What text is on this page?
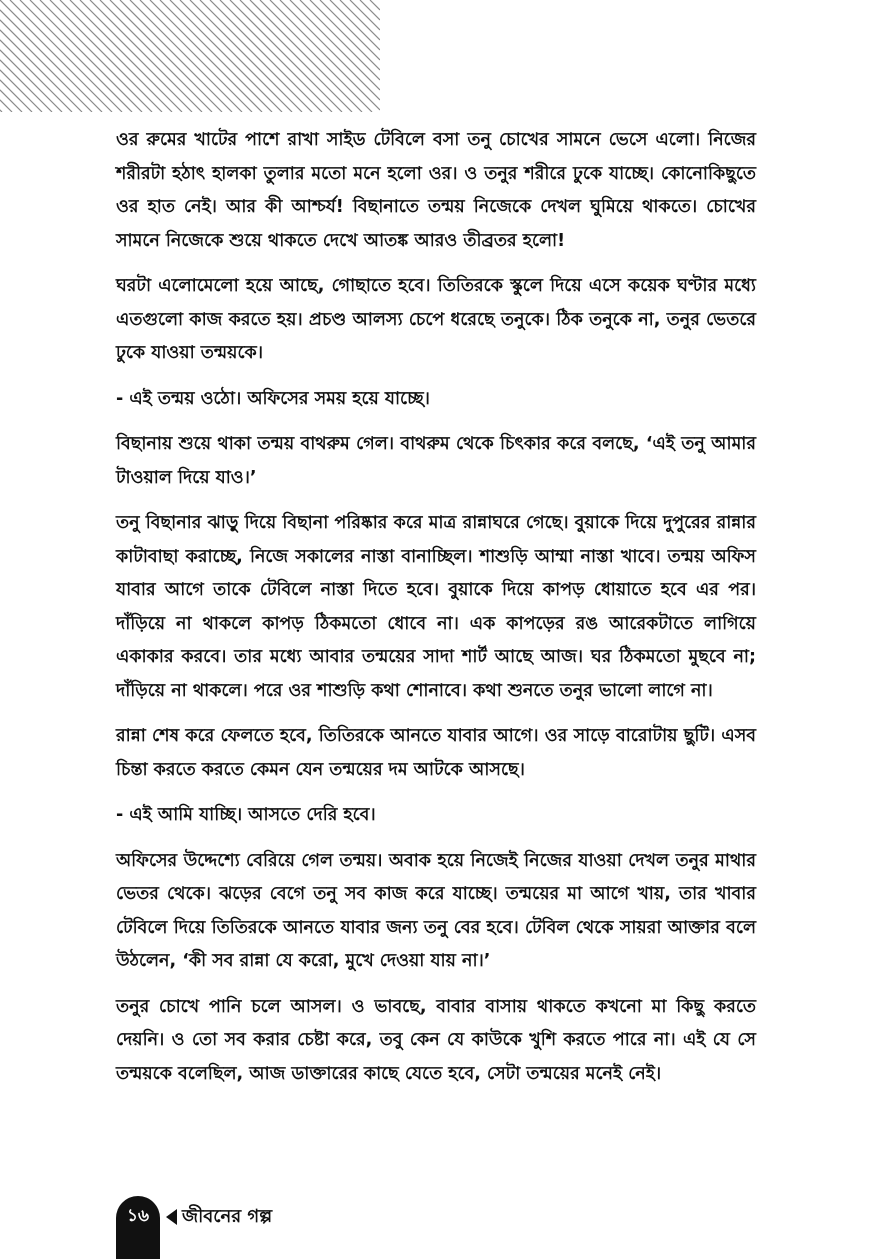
ওর রুমের খাটের পাশে রাখা সাইড টেবিলে বসা তনু চোখের সামনে ভেসে এলো। নিজের শরীরটা হঠাৎ হালকা তুলার মতো মনে হলো ওর। ও তনুর শরীরে ঢুকে যাচ্ছে। কোনোকিছুতে ওর হাত নেই। আর কী আশ্চর্য! বিছানাতে তন্ময় নিজেকে দেখল ঘুমিয়ে থাকতে। চোখের সামনে নিজেকে শুয়ে থাকতে দেখে আতঙ্ক আরও তীব্রতর হলো!

ঘরটা এলোমেলো হয়ে আছে, গোছাতে হবে। তিতিরকে স্কুলে দিয়ে এসে কয়েক ঘণ্টার মধ্যে এতগুলো কাজ করতে হয়। প্রচণ্ড আলস্য চেপে ধরেছে তনুকে। ঠিক তনুকে না, তনুর ভেতরে ঢুকে যাওয়া তন্ময়কে।

- এই তন্ময় ওঠো। অফিসের সময় হয়ে যাচ্ছে।

বিছানায় শুয়ে থাকা তন্ময় বাথরুম গেল। বাথরুম থেকে চিৎকার করে বলছে, ‘এই তনু আমার টাওয়াল দিয়ে যাও।’

তনু বিছানার ঝাড়ু দিয়ে বিছানা পরিষ্কার করে মাত্র রান্নাঘরে গেছে। বুয়াকে দিয়ে দুপুরের রান্নার কাটাবাছা করাচ্ছে, নিজে সকালের নাস্তা বানাচ্ছিল। শাশুড়ি আম্মা নাস্তা খাবে। তন্ময় অফিস যাবার আগে তাকে টেবিলে নাস্তা দিতে হবে। বুয়াকে দিয়ে কাপড় ধোয়াতে হবে এর পর। দাঁড়িয়ে না থাকলে কাপড় ঠিকমতো ধোবে না। এক কাপড়ের রঙ আরেকটাতে লাগিয়ে একাকার করবে। তার মধ্যে আবার তন্ময়ের সাদা শার্ট আছে আজ। ঘর ঠিকমতো মুছবে না; দাঁড়িয়ে না থাকলে। পরে ওর শাশুড়ি কথা শোনাবে। কথা শুনতে তনুর ভালো লাগে না।

রান্না শেষ করে ফেলতে হবে, তিতিরকে আনতে যাবার আগে। ওর সাড়ে বারোটায় ছুটি। এসব চিন্তা করতে করতে কেমন যেন তন্ময়ের দম আটকে আসছে।

- এই আমি যাচ্ছি। আসতে দেরি হবে।

অফিসের উদ্দেশ্যে বেরিয়ে গেল তন্ময়। অবাক হয়ে নিজেই নিজের যাওয়া দেখল তনুর মাথার ভেতর থেকে। ঝড়ের বেগে তনু সব কাজ করে যাচ্ছে। তন্ময়ের মা আগে খায়, তার খাবার টেবিলে দিয়ে তিতিরকে আনতে যাবার জন্য তনু বের হবে। টেবিল থেকে সায়রা আক্তার বলে উঠলেন, ‘কী সব রান্না যে করো, মুখে দেওয়া যায় না।’

তনুর চোখে পানি চলে আসল। ও ভাবছে, বাবার বাসায় থাকতে কখনো মা কিছু করতে দেয়নি। ও তো সব করার চেষ্টা করে, তবু কেন যে কাউকে খুশি করতে পারে না। এই যে সে তন্ময়কে বলেছিল, আজ ডাক্তারের কাছে যেতে হবে, সেটা তন্ময়ের মনেই নেই।

১৬	জীবনের গল্প
